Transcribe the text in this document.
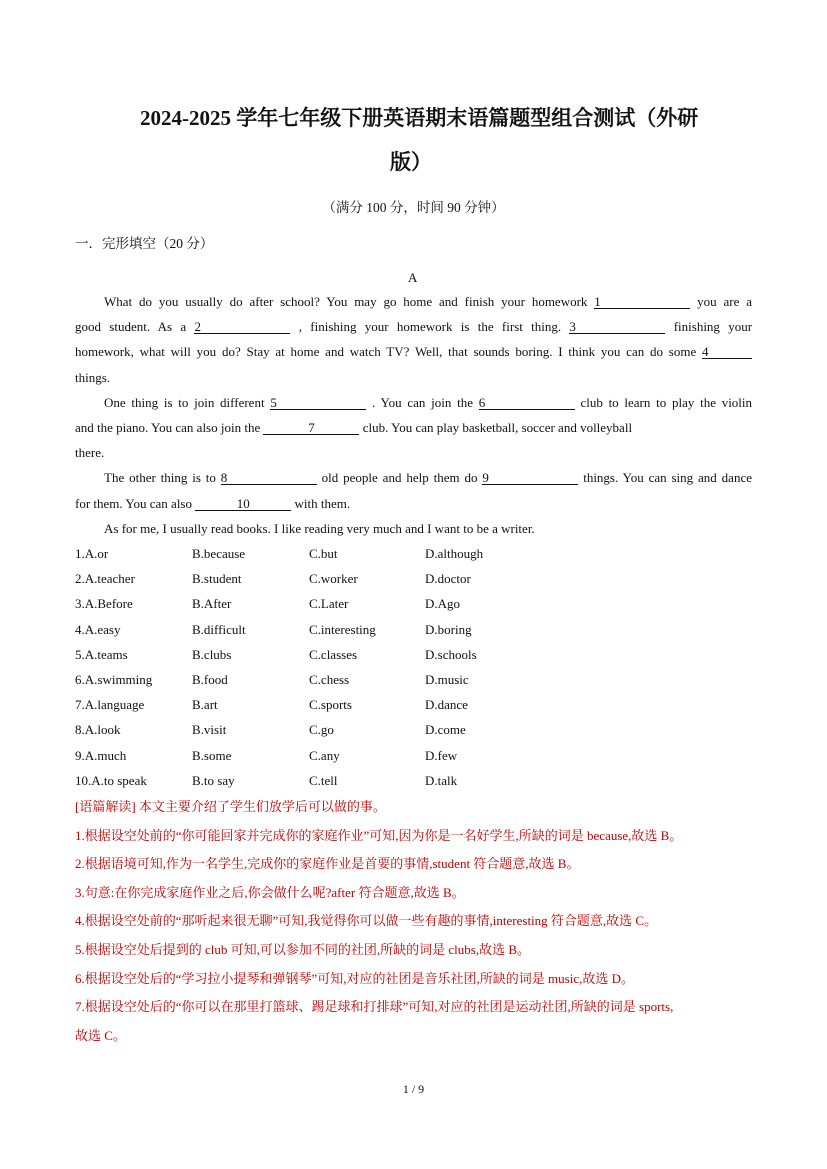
2024-2025 学年七年级下册英语期末语篇题型组合测试（外研
版）
（满分 100 分，时间 90 分钟）
一．完形填空（20 分）
A
What do you usually do after school? You may go home and finish your homework 1	you are a
good student. As a 2	, finishing your homework is the first thing. 3	finishing your
homework, what will you do? Stay at home and watch TV? Well, that sounds boring. I think you can do some 4
things.
One thing is to join different 5	. You can join the 6	club to learn to play the violin
and the piano. You can also join the	7	club. You can play basketball, soccer and volleyball
there.
The other thing is to 8	old people and help them do 9	things. You can sing and dance
for them. You can also	10	with them.
As for me, I usually read books. I like reading very much and I want to be a writer.
1.A.or	B.because	C.but	D.although
2.A.teacher	B.student	C.worker	D.doctor
3.A.Before	B.After	C.Later	D.Ago
4.A.easy	B.difficult	C.interesting	D.boring
5.A.teams	B.clubs	C.classes	D.schools
6.A.swimming	B.food	C.chess	D.music
7.A.language	B.art	C.sports	D.dance
8.A.look	B.visit	C.go	D.come
9.A.much	B.some	C.any	D.few
10.A.to speak	B.to say	C.tell	D.talk
[语篇解读] 本文主要介绍了学生们放学后可以做的事。
1.根据设空处前的“你可能回家并完成你的家庭作业”可知,因为你是一名好学生,所缺的词是 because,故选 B。
2.根据语境可知,作为一名学生,完成你的家庭作业是首要的事情,student 符合题意,故选 B。
3.句意:在你完成家庭作业之后,你会做什么呢?after 符合题意,故选 B。
4.根据设空处前的“那听起来很无聊”可知,我觉得你可以做一些有趣的事情,interesting 符合题意,故选 C。
5.根据设空处后提到的 club 可知,可以参加不同的社团,所缺的词是 clubs,故选 B。
6.根据设空处后的“学习拉小提琴和弹钢琴”可知,对应的社团是音乐社团,所缺的词是 music,故选 D。
7.根据设空处后的“你可以在那里打篮球、踢足球和打排球”可知,对应的社团是运动社团,所缺的词是 sports,
故选 C。
1 / 9
